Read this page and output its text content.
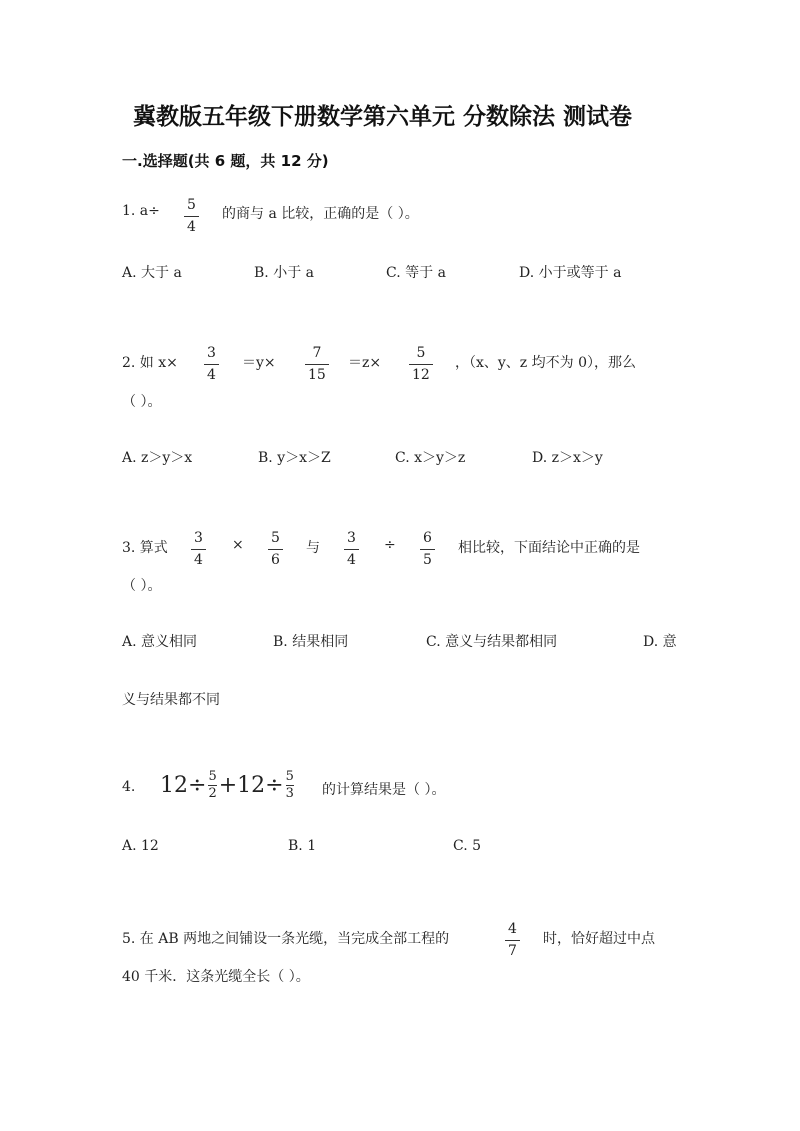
冀教版五年级下册数学第六单元 分数除法 测试卷
一.选择题(共 6 题，共 12 分)
1. a÷ 5
4
的商与 a 比较，正确的是（ ）。
A. 大于 a	B. 小于 a	C. 等于 a	D. 小于或等于 a
2. 如 x×
3
4
＝y×
7
15
＝z×
5
12
，（x、y、z 均不为 0），那么
（ ）。
A. z＞y＞x	B. y＞x＞Z	C. x＞y＞z	D. z＞x＞y
3. 算式
3
4
× 5
6
与
3
4
÷ 6
5
相比较，下面结论中正确的是
（ ）。
A. 意义相同	B. 结果相同	C. 意义与结果都相同	D. 意
义与结果都不同
4. 12 ÷ 5
2 + 12 ÷ 5
3 的计算结果是（ ）。
A. 12	B. 1	C. 5
5. 在 AB 两地之间铺设一条光缆，当完成全部工程的
4
7
时，恰好超过中点
40 千米．这条光缆全长（ ）。
